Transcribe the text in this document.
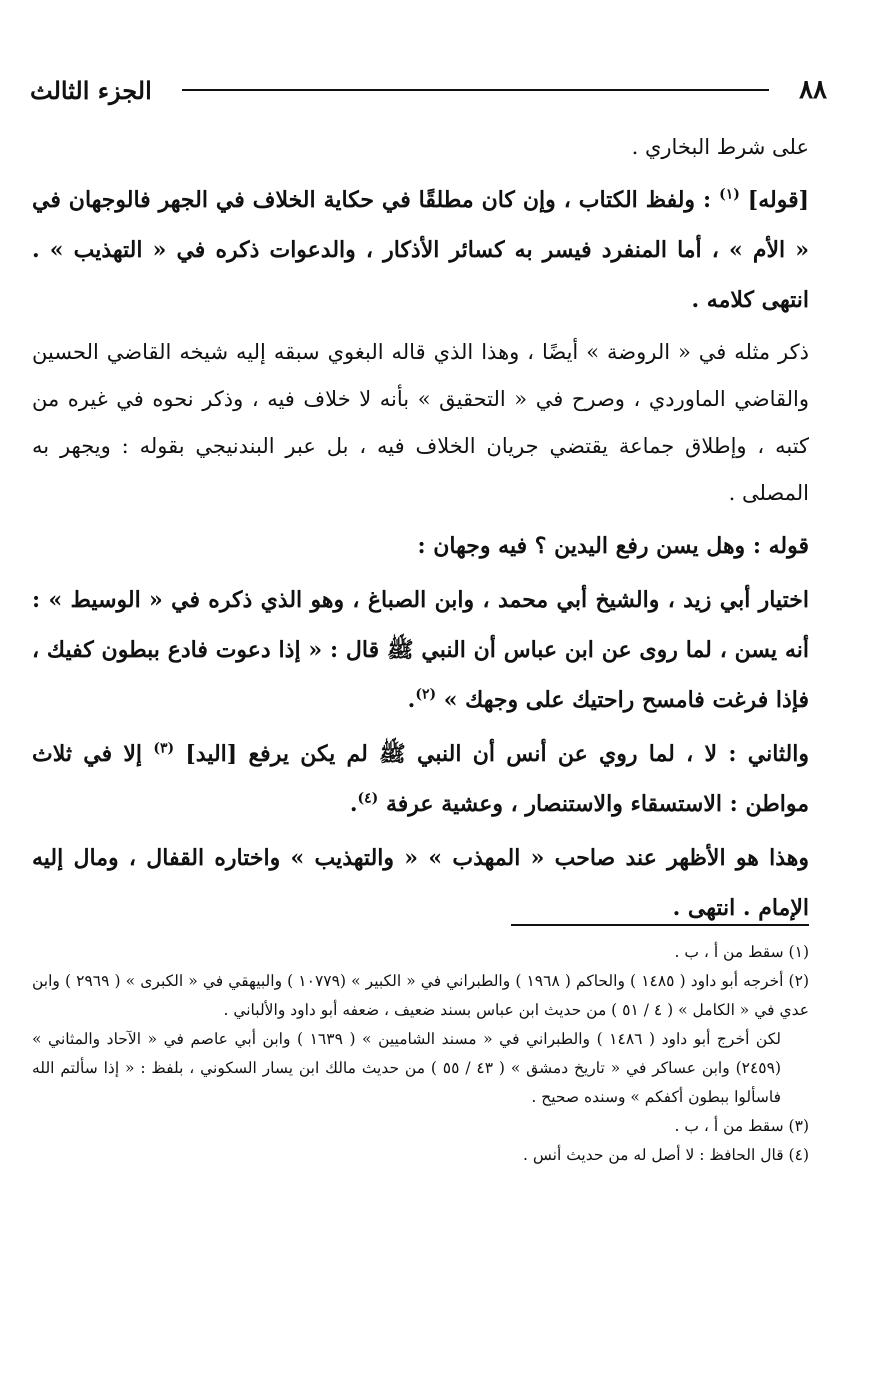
٨٨
الجزء الثالث

على شرط البخاري .

[قوله] $^{(١)}$ : ولفظ الكتاب ، وإن كان مطلقًا في حكاية الخلاف في الجهر فالوجهان في « الأم » ، أما المنفرد فيسر به كسائر الأذكار ، والدعوات ذكره في « التهذيب » . انتهى كلامه .

ذكر مثله في « الروضة » أيضًا ، وهذا الذي قاله البغوي سبقه إليه شيخه القاضي الحسين والقاضي الماوردي ، وصرح في « التحقيق » بأنه لا خلاف فيه ، وذكر نحوه في غيره من كتبه ، وإطلاق جماعة يقتضي جريان الخلاف فيه ، بل عبر البندنيجي بقوله : ويجهر به المصلى .

قوله : وهل يسن رفع اليدين ؟ فيه وجهان :

اختيار أبي زيد ، والشيخ أبي محمد ، وابن الصباغ ، وهو الذي ذكره في « الوسيط » : أنه يسن ، لما روى عن ابن عباس أن النبي ﷺ قال : « إذا دعوت فادع ببطون كفيك ، فإذا فرغت فامسح راحتيك على وجهك » $^{(٢)}$.

والثاني : لا ، لما روي عن أنس أن النبي ﷺ لم يكن يرفع [اليد] $^{(٣)}$ إلا في ثلاث مواطن : الاستسقاء والاستنصار ، وعشية عرفة $^{(٤)}$.

وهذا هو الأظهر عند صاحب « المهذب » « والتهذيب » واختاره القفال ، ومال إليه الإمام . انتهى .

(١) سقط من أ ، ب .

(٢) أخرجه أبو داود ( ١٤٨٥ ) والحاكم ( ١٩٦٨ ) والطبراني في « الكبير » (١٠٧٧٩ ) والبيهقي في « الكبرى » ( ٢٩٦٩ ) وابن عدي في « الكامل » ( ٤ / ٥١ ) من حديث ابن عباس بسند ضعيف ، ضعفه أبو داود والألباني .

لكن أخرج أبو داود ( ١٤٨٦ ) والطبراني في « مسند الشاميين » ( ١٦٣٩ ) وابن أبي عاصم في « الآحاد والمثاني » (٢٤٥٩) وابن عساكر في « تاريخ دمشق » ( ٤٣ / ٥٥ ) من حديث مالك ابن يسار السكوني ، بلفظ : « إذا سألتم الله فاسألوا ببطون أكفكم » وسنده صحيح .

(٣) سقط من أ ، ب .

(٤) قال الحافظ : لا أصل له من حديث أنس .
